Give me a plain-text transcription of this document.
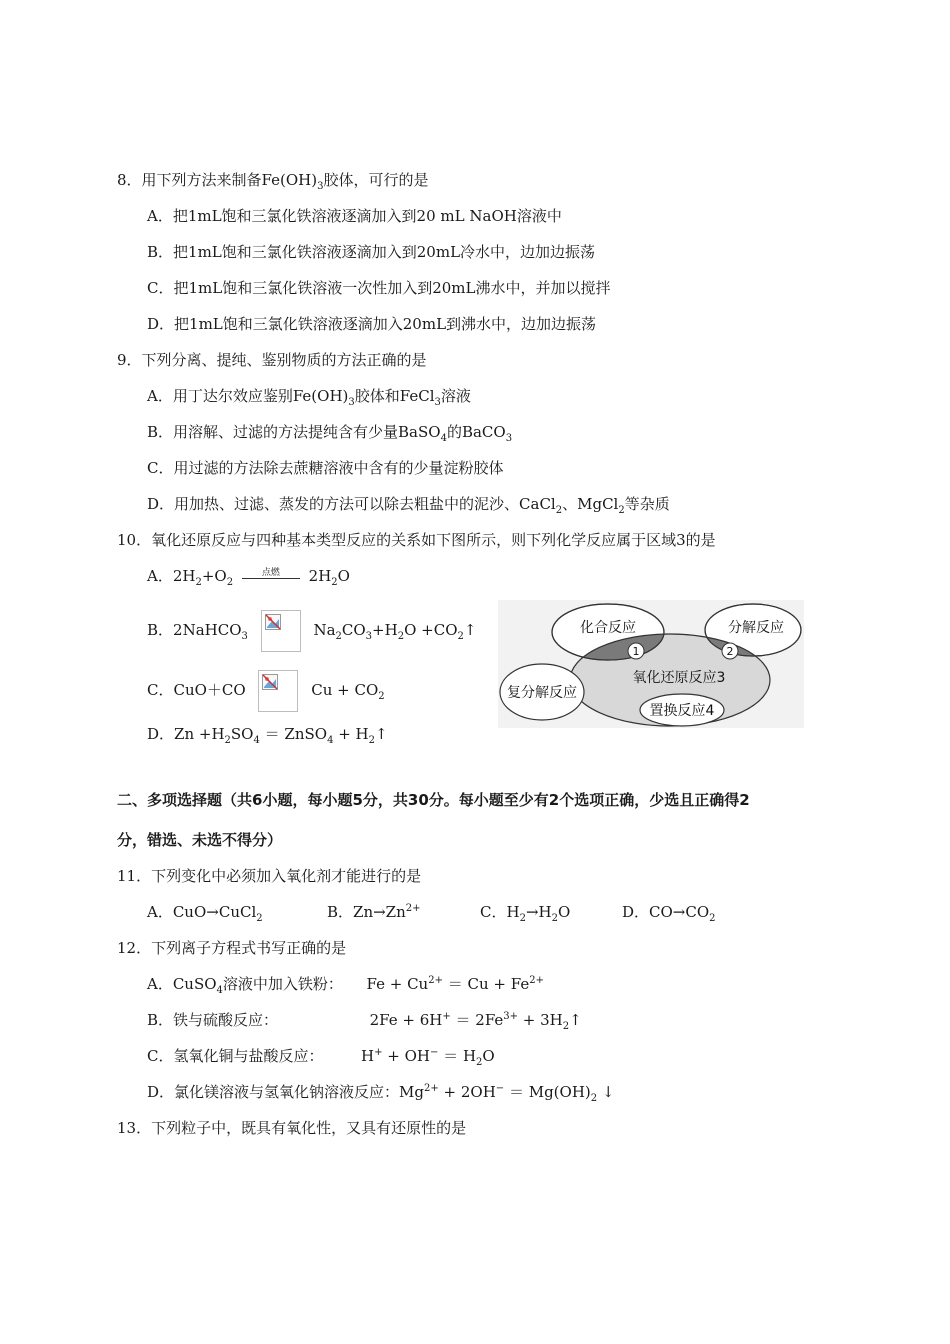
8．用下列方法来制备$Fe(OH)_3$胶体，可行的是
A．把1mL饱和三氯化铁溶液逐滴加入到20 mL NaOH溶液中
B．把1mL饱和三氯化铁溶液逐滴加入到20mL冷水中，边加边振荡
C．把1mL饱和三氯化铁溶液一次性加入到20mL沸水中，并加以搅拌
D．把1mL饱和三氯化铁溶液逐滴加入20mL到沸水中，边加边振荡
9．下列分离、提纯、鉴别物质的方法正确的是
A．用丁达尔效应鉴别$Fe(OH)_3$胶体和FeCl$_3$溶液
B．用溶解、过滤的方法提纯含有少量BaSO$_4$的BaCO$_3$
C．用过滤的方法除去蔗糖溶液中含有的少量淀粉胶体
D．用加热、过滤、蒸发的方法可以除去粗盐中的泥沙、CaCl$_2$、MgCl$_2$等杂质
10．氧化还原反应与四种基本类型反应的关系如下图所示，则下列化学反应属于区域3的是
A．$2H_2+O_2$
点燃	$2H_2O$
B．2NaHCO$_3$	$Na_2CO_3+H_2O$ $+CO_2↑$
C．CuO＋CO	$Cu + CO_2$
D．$Zn +H_2SO_4$ ＝ ZnSO$_4$ + $H_2↑$
化合反应	分解反应
复分解反应
氧化还原反应3
置换反应4
1	2
二、多项选择题（共6小题，每小题5分，共30分。每小题至少有2个选项正确，少选且正确得2
分，错选、未选不得分）
11．下列变化中必须加入氧化剂才能进行的是
A．CuO→CuCl$_2$	B．$Zn\to Zn^{2+}$	C．$H_2\to H_2O$	D．$CO\to CO_2$
12．下列离子方程式书写正确的是
A．CuSO$_4$溶液中加入铁粉： $Fe + Cu^{2+} = Cu + Fe^{2+}$
B．铁与硫酸反应：	$2Fe + 6H^+ = 2Fe^{3+}$ + $3H_2↑$
C．氢氧化铜与盐酸反应：	$H^+ + OH^- = H_2O$
D．氯化镁溶液与氢氧化钠溶液反应：$Mg^{2+} + 2OH^- = Mg(OH)_2$ ↓
13．下列粒子中，既具有氧化性，又具有还原性的是
